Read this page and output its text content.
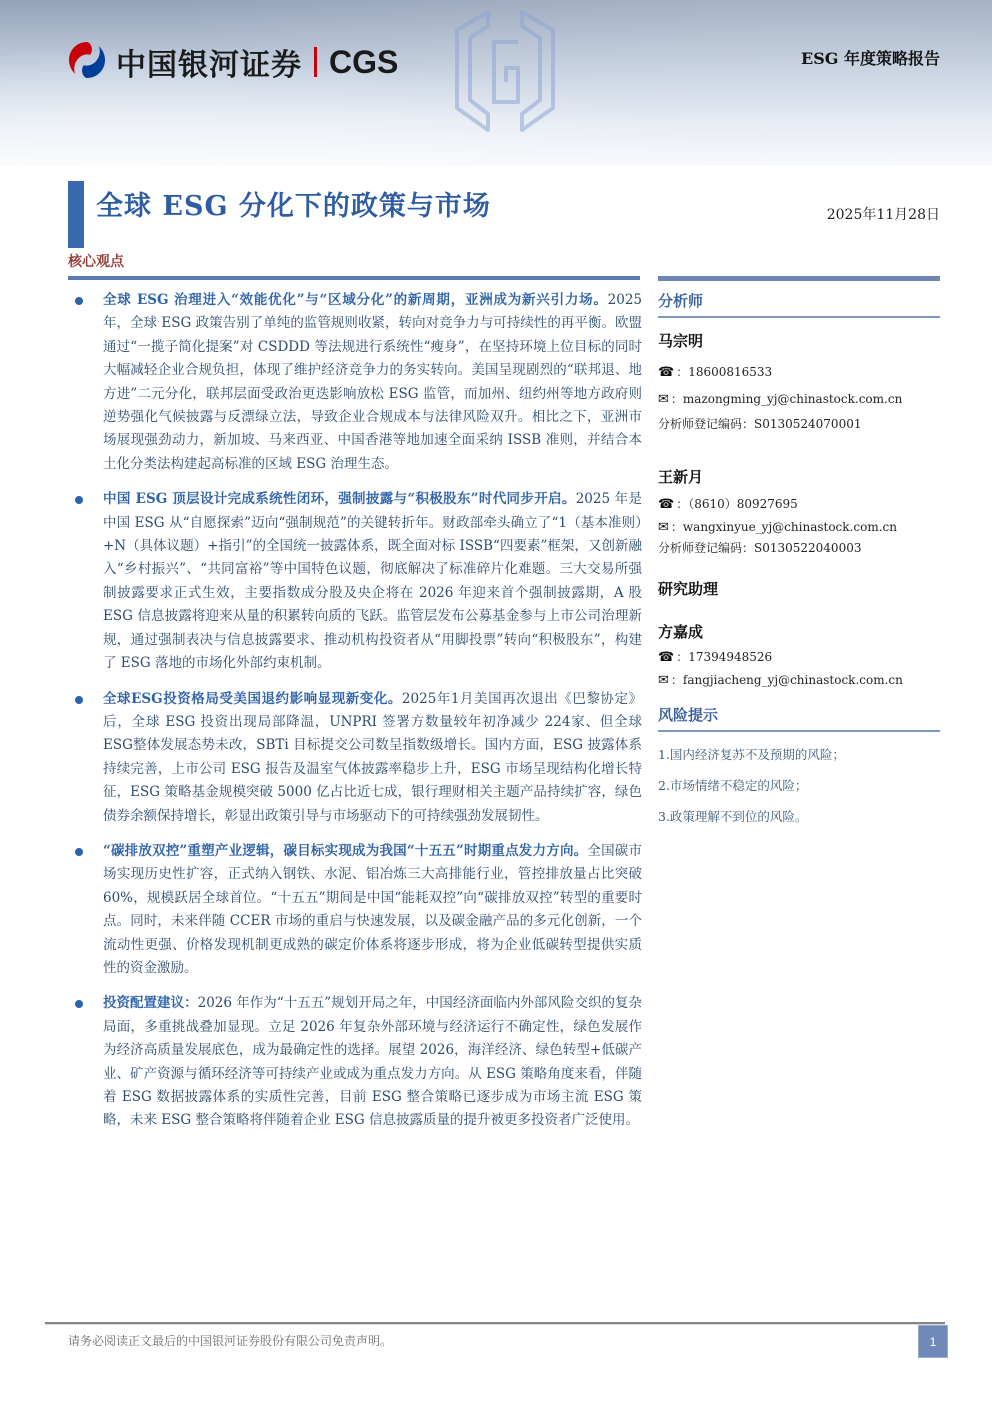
中国银河证券 CGS	ESG 年度策略报告
全球 ESG 分化下的政策与市场	2025年11月28日
核心观点
全球 ESG 治理进入“效能优化”与“区域分化”的新周期，亚洲成为新兴引力场。2025 年，全球 ESG 政策告别了单纯的监管规则收紧，转向对竞争力与可持续性的再平衡。欧盟通过“一揽子简化提案”对 CSDDD 等法规进行系统性“瘦身”，在坚持环境上位目标的同时大幅减轻企业合规负担，体现了维护经济竞争力的务实转向。美国呈现剧烈的“联邦退、地方进”二元分化，联邦层面受政治更迭影响放松 ESG 监管，而加州、纽约州等地方政府则逆势强化气候披露与反漂绿立法，导致企业合规成本与法律风险双升。相比之下，亚洲市场展现强劲动力，新加坡、马来西亚、中国香港等地加速全面采纳 ISSB 准则，并结合本土化分类法构建起高标准的区域 ESG 治理生态。
中国 ESG 顶层设计完成系统性闭环，强制披露与“积极股东”时代同步开启。2025 年是中国 ESG 从“自愿探索”迈向“强制规范”的关键转折年。财政部牵头确立了“1（基本准则）+N（具体议题）+指引”的全国统一披露体系，既全面对标 ISSB“四要素”框架，又创新融入“乡村振兴”、“共同富裕”等中国特色议题，彻底解决了标准碎片化难题。三大交易所强制披露要求正式生效，主要指数成分股及央企将在 2026 年迎来首个强制披露期，A 股 ESG 信息披露将迎来从量的积累转向质的飞跃。监管层发布公募基金参与上市公司治理新规，通过强制表决与信息披露要求、推动机构投资者从“用脚投票”转向“积极股东”，构建了 ESG 落地的市场化外部约束机制。
全球ESG投资格局受美国退约影响显现新变化。2025年1月美国再次退出《巴黎协定》后，全球 ESG 投资出现局部降温，UNPRI 签署方数量较年初净减少 224家、但全球 ESG整体发展态势未改，SBTi 目标提交公司数呈指数级增长。国内方面，ESG 披露体系持续完善，上市公司 ESG 报告及温室气体披露率稳步上升，ESG 市场呈现结构化增长特征，ESG 策略基金规模突破 5000 亿占比近七成，银行理财相关主题产品持续扩容，绿色债券余额保持增长，彰显出政策引导与市场驱动下的可持续强劲发展韧性。
“碳排放双控”重塑产业逻辑，碳目标实现成为我国“十五五”时期重点发力方向。全国碳市场实现历史性扩容，正式纳入钢铁、水泥、铝冶炼三大高排能行业，管控排放量占比突破 60%，规模跃居全球首位。“十五五”期间是中国“能耗双控”向“碳排放双控”转型的重要时点。同时，未来伴随 CCER 市场的重启与快速发展，以及碳金融产品的多元化创新，一个流动性更强、价格发现机制更成熟的碳定价体系将逐步形成，将为企业低碳转型提供实质性的资金激励。
投资配置建议：2026 年作为“十五五”规划开局之年，中国经济面临内外部风险交织的复杂局面，多重挑战叠加显现。立足 2026 年复杂外部环境与经济运行不确定性，绿色发展作为经济高质量发展底色，成为最确定性的选择。展望 2026，海洋经济、绿色转型+低碳产业、矿产资源与循环经济等可持续产业或成为重点发力方向。从 ESG 策略角度来看，伴随着 ESG 数据披露体系的实质性完善，目前 ESG 整合策略已逐步成为市场主流 ESG 策略，未来 ESG 整合策略将伴随着企业 ESG 信息披露质量的提升被更多投资者广泛使用。
分析师
马宗明
☎ ：18600816533
✉ ：mazongming_yj@chinastock.com.cn
分析师登记编码：S0130524070001
王新月
☎ ：（8610）80927695
✉ ：wangxinyue_yj@chinastock.com.cn
分析师登记编码：S0130522040003
研究助理
方嘉成
☎ ：17394948526
✉ ：fangjiacheng_yj@chinastock.com.cn
风险提示
1.国内经济复苏不及预期的风险；
2.市场情绪不稳定的风险；
3.政策理解不到位的风险。
请务必阅读正文最后的中国银河证券股份有限公司免责声明。	1
